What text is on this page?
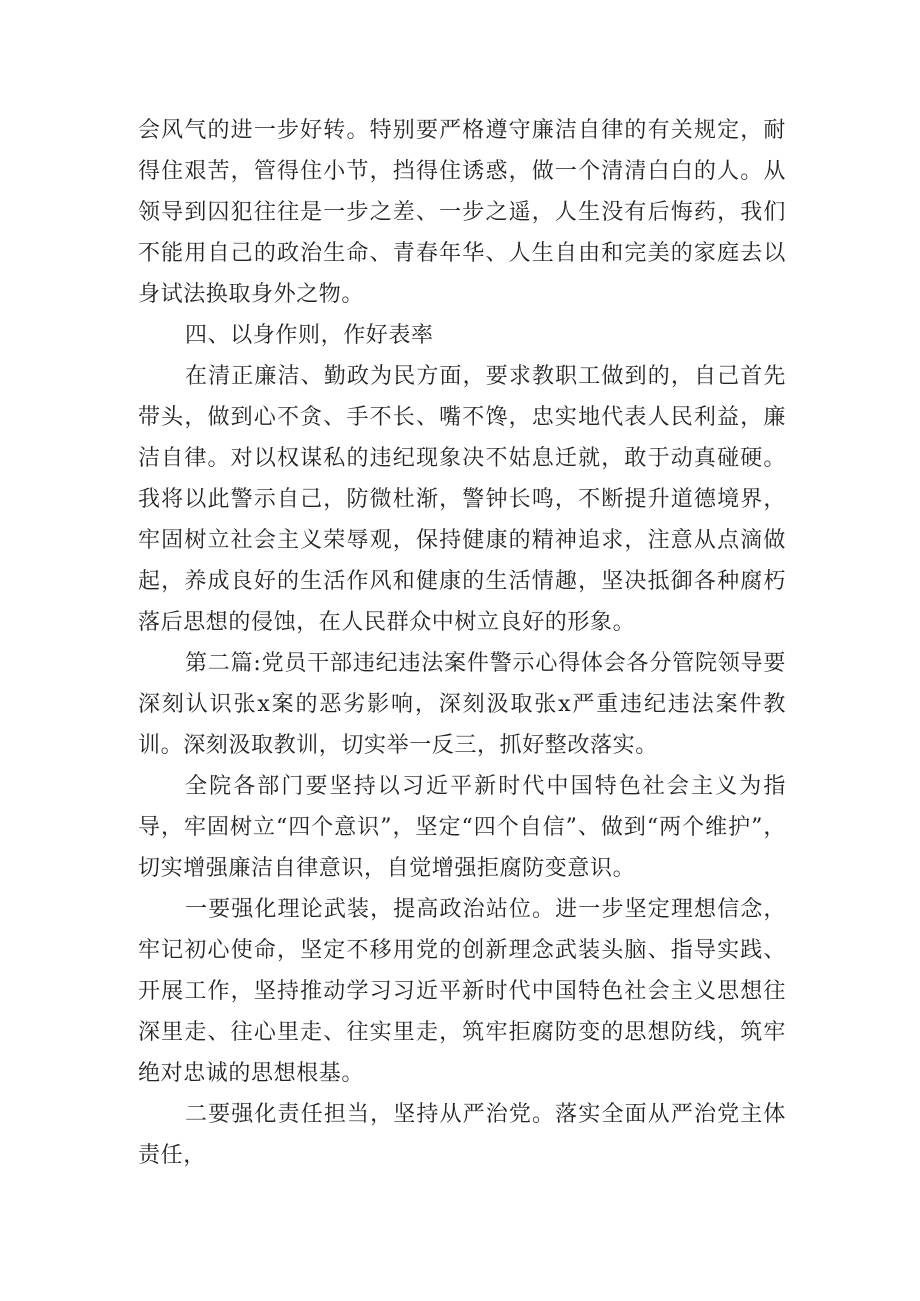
会风气的进一步好转。特别要严格遵守廉洁自律的有关规定，耐得住艰苦，管得住小节，挡得住诱惑，做一个清清白白的人。从领导到囚犯往往是一步之差、一步之遥，人生没有后悔药，我们不能用自己的政治生命、青春年华、人生自由和完美的家庭去以身试法换取身外之物。

四、以身作则，作好表率

在清正廉洁、勤政为民方面，要求教职工做到的，自己首先带头，做到心不贪、手不长、嘴不馋，忠实地代表人民利益，廉洁自律。对以权谋私的违纪现象决不姑息迁就，敢于动真碰硬。我将以此警示自己，防微杜渐，警钟长鸣，不断提升道德境界，牢固树立社会主义荣辱观，保持健康的精神追求，注意从点滴做起，养成良好的生活作风和健康的生活情趣，坚决抵御各种腐朽落后思想的侵蚀，在人民群众中树立良好的形象。

第二篇:党员干部违纪违法案件警示心得体会各分管院领导要深刻认识张x案的恶劣影响，深刻汲取张x严重违纪违法案件教训。深刻汲取教训，切实举一反三，抓好整改落实。

全院各部门要坚持以习近平新时代中国特色社会主义为指导，牢固树立“四个意识”，坚定“四个自信”、做到“两个维护”，切实增强廉洁自律意识，自觉增强拒腐防变意识。

一要强化理论武装，提高政治站位。进一步坚定理想信念，牢记初心使命，坚定不移用党的创新理念武装头脑、指导实践、开展工作，坚持推动学习习近平新时代中国特色社会主义思想往深里走、往心里走、往实里走，筑牢拒腐防变的思想防线，筑牢绝对忠诚的思想根基。

二要强化责任担当，坚持从严治党。落实全面从严治党主体责任，
